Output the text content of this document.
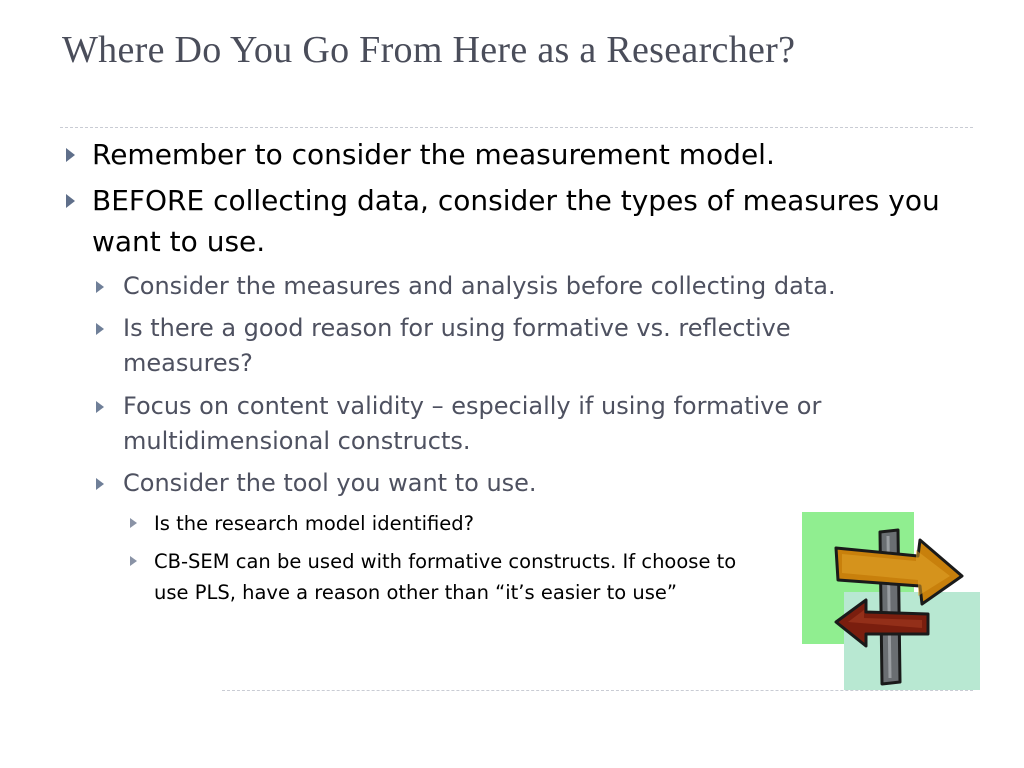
Where Do You Go From Here as a Researcher?
Remember to consider the measurement model.
BEFORE collecting data, consider the types of measures you want to use.
Consider the measures and analysis before collecting data.
Is there a good reason for using formative vs. reflective measures?
Focus on content validity – especially if using formative or multidimensional constructs.
Consider the tool you want to use.
Is the research model identified?
CB-SEM can be used with formative constructs. If choose to use PLS, have a reason other than “it’s easier to use”
